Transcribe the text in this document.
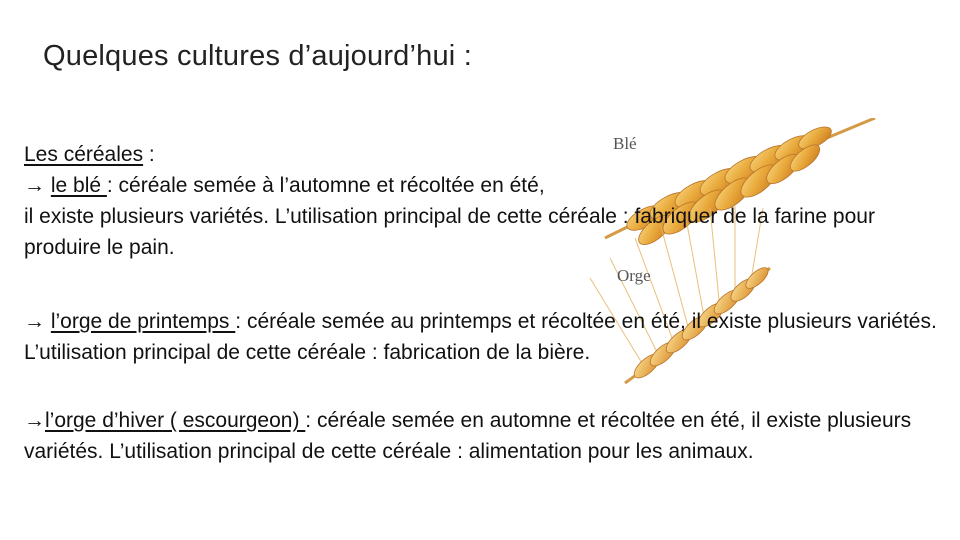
Quelques cultures d’aujourd’hui :
Blé
Orge
Les céréales :
→ le blé : céréale semée à l’automne et récoltée en été,
il existe plusieurs variétés. L’utilisation principal de cette céréale : fabriquer de la farine pour produire le pain.
→ l’orge de printemps : céréale semée au printemps et récoltée en été, il existe plusieurs variétés. L’utilisation principal de cette céréale : fabrication de la bière.
→l’orge d’hiver ( escourgeon) : céréale semée en automne et récoltée en été, il existe plusieurs variétés. L’utilisation principal de cette céréale : alimentation pour les animaux.
